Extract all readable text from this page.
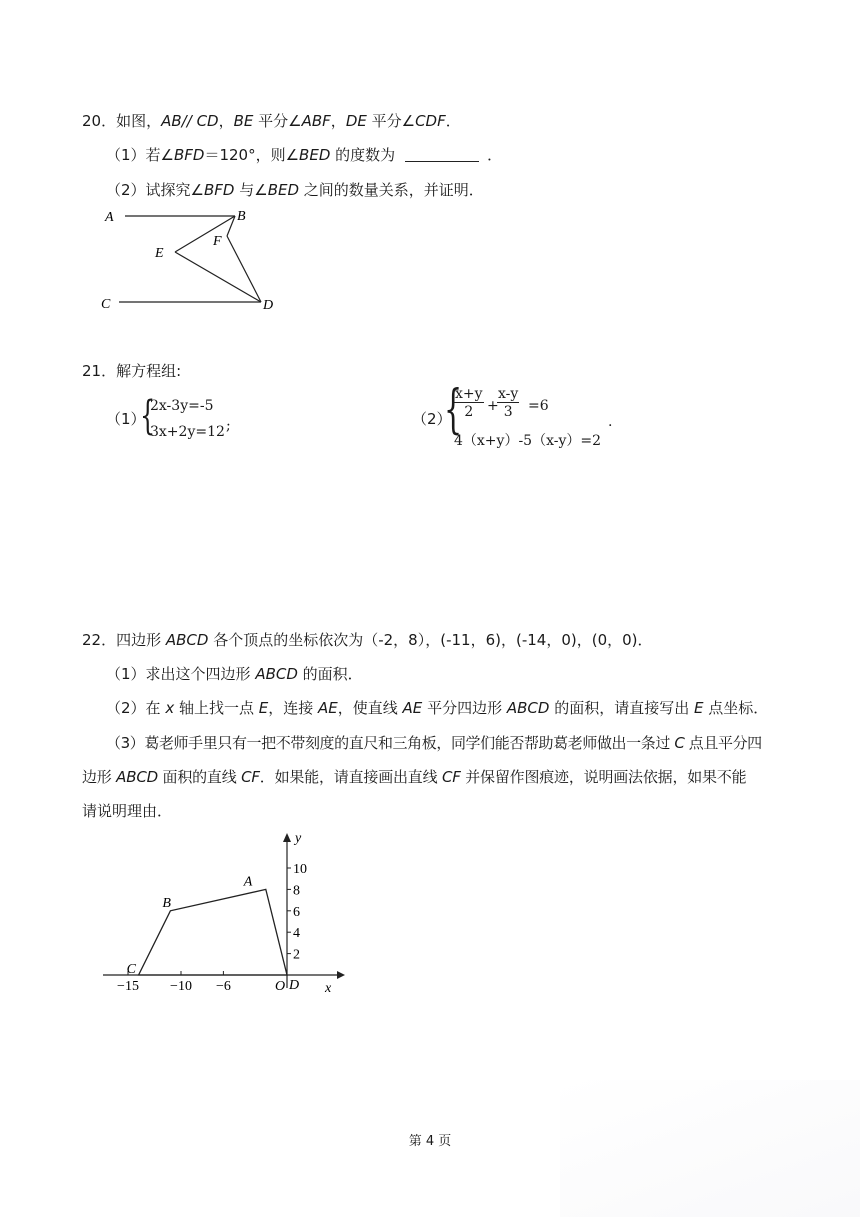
20．如图，AB// CD，BE 平分∠ABF，DE 平分∠CDF．
（1）若∠BFD＝120°，则∠BED 的度数为	．
（2）试探究∠BFD 与∠BED 之间的数量关系，并证明．
A	B
E
F
C	D
21．解方程组:
（1）
{
2x-3y=-5
3x+2y=12 ;	（2）
{
x+y
2 +
x-y
3	=6
4（x+y）-5（x-y）=2
.
22．四边形 ABCD 各个顶点的坐标依次为（-2，8），(-11，6)，(-14，0)，(0，0)．
（1）求出这个四边形 ABCD 的面积．
（2）在 x 轴上找一点 E，连接 AE，使直线 AE 平分四边形 ABCD 的面积，请直接写出 E 点坐标．
（3）葛老师手里只有一把不带刻度的直尺和三角板，同学们能否帮助葛老师做出一条过 C 点且平分四
边形 ABCD 面积的直线 CF．如果能，请直接画出直线 CF 并保留作图痕迹，说明画法依据，如果不能
请说明理由．
y
x
O
10
8
6
4
2
−15 −10 −6
A
B
C
D
第 4 页
